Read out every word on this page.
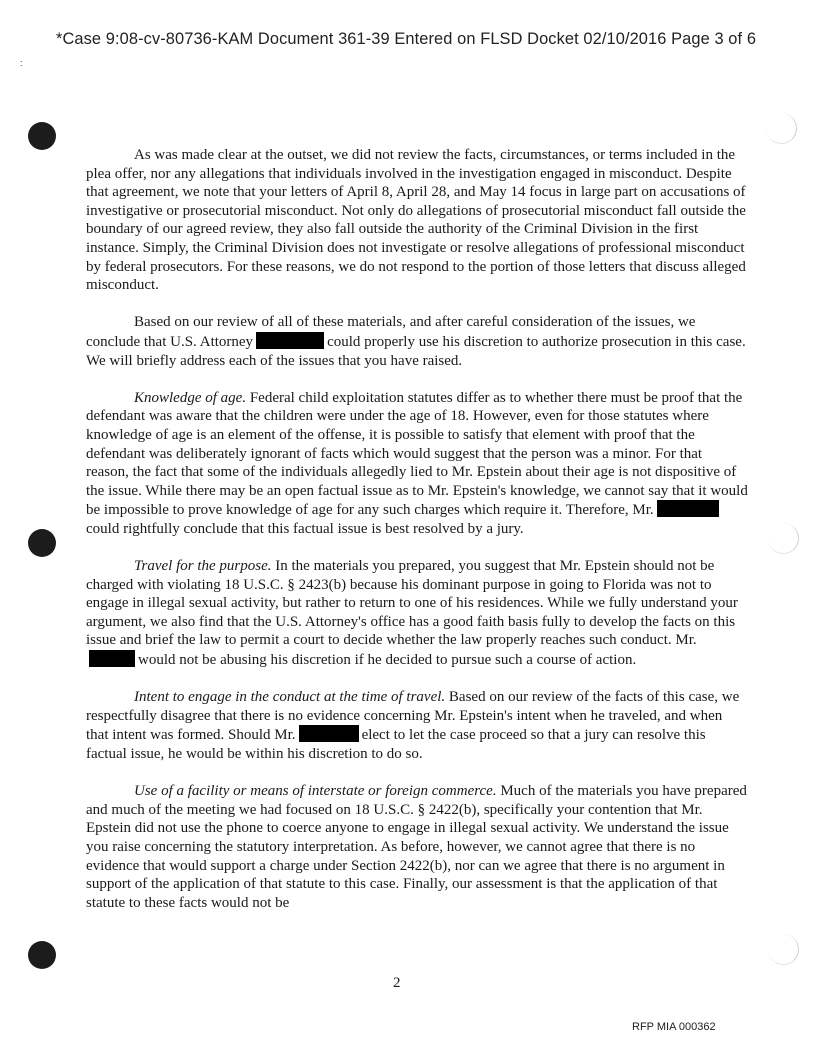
*Case 9:08-cv-80736-KAM Document 361-39 Entered on FLSD Docket 02/10/2016 Page 3 of 6
:

As was made clear at the outset, we did not review the facts, circumstances, or terms included in the plea offer, nor any allegations that individuals involved in the investigation engaged in misconduct. Despite that agreement, we note that your letters of April 8, April 28, and May 14 focus in large part on accusations of investigative or prosecutorial misconduct. Not only do allegations of prosecutorial misconduct fall outside the boundary of our agreed review, they also fall outside the authority of the Criminal Division in the first instance. Simply, the Criminal Division does not investigate or resolve allegations of professional misconduct by federal prosecutors. For these reasons, we do not respond to the portion of those letters that discuss alleged misconduct.

Based on our review of all of these materials, and after careful consideration of the issues, we conclude that U.S. Attorney	could properly use his discretion to authorize prosecution in this case. We will briefly address each of the issues that you have raised.

Knowledge of age. Federal child exploitation statutes differ as to whether there must be proof that the defendant was aware that the children were under the age of 18. However, even for those statutes where knowledge of age is an element of the offense, it is possible to satisfy that element with proof that the defendant was deliberately ignorant of facts which would suggest that the person was a minor. For that reason, the fact that some of the individuals allegedly lied to Mr. Epstein about their age is not dispositive of the issue. While there may be an open factual issue as to Mr. Epstein's knowledge, we cannot say that it would be impossible to prove knowledge of age for any such charges which require it. Therefore, Mr.could rightfully conclude that this factual issue is best resolved by a jury.

Travel for the purpose. In the materials you prepared, you suggest that Mr. Epstein should not be charged with violating 18 U.S.C. § 2423(b) because his dominant purpose in going to Florida was not to engage in illegal sexual activity, but rather to return to one of his residences. While we fully understand your argument, we also find that the U.S. Attorney's office has a good faith basis fully to develop the facts on this issue and brief the law to permit a court to decide whether the law properly reaches such conduct. Mr.would not be abusing his discretion if he decided to pursue such a course of action.

Intent to engage in the conduct at the time of travel. Based on our review of the facts of this case, we respectfully disagree that there is no evidence concerning Mr. Epstein's intent when he traveled, and when that intent was formed. Should Mr.	elect to let the case proceed so that a jury can resolve this factual issue, he would be within his discretion to do so.

Use of a facility or means of interstate or foreign commerce. Much of the materials you have prepared and much of the meeting we had focused on 18 U.S.C. § 2422(b), specifically your contention that Mr. Epstein did not use the phone to coerce anyone to engage in illegal sexual activity. We understand the issue you raise concerning the statutory interpretation. As before, however, we cannot agree that there is no evidence that would support a charge under Section 2422(b), nor can we agree that there is no argument in support of the application of that statute to this case. Finally, our assessment is that the application of that statute to these facts would not be

2
RFP MIA 000362
